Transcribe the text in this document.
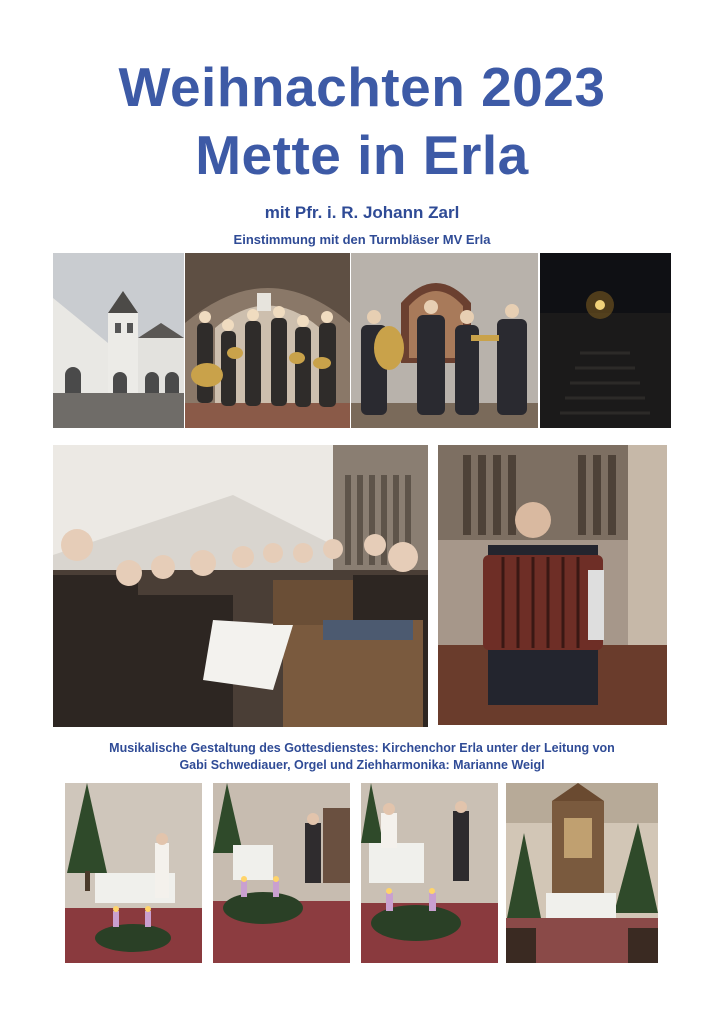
Weihnachten 2023
Mette in Erla

mit Pfr. i. R. Johann Zarl

Einstimmung mit den Turmbläser MV Erla

Musikalische Gestaltung des Gottesdienstes: Kirchenchor Erla unter der Leitung von
Gabi Schwediauer, Orgel und Ziehharmonika: Marianne Weigl
